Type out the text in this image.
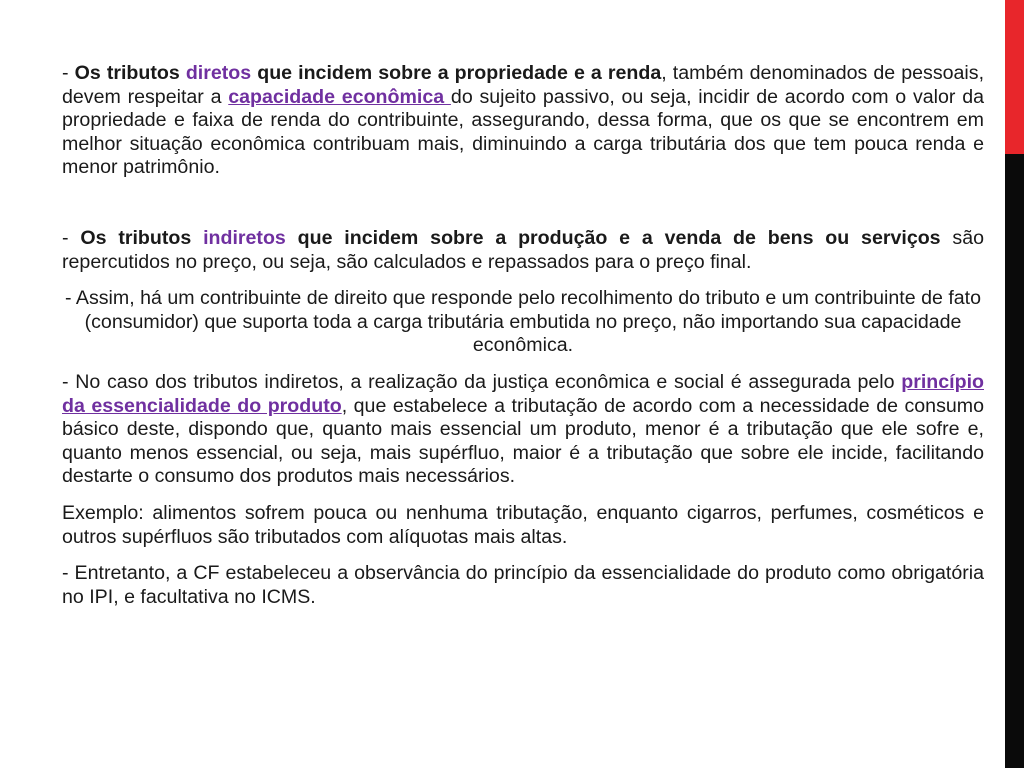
- Os tributos diretos que incidem sobre a propriedade e a renda, também denominados de pessoais, devem respeitar a capacidade econômica do sujeito passivo, ou seja, incidir de acordo com o valor da propriedade e faixa de renda do contribuinte, assegurando, dessa forma, que os que se encontrem em melhor situação econômica contribuam mais, diminuindo a carga tributária dos que tem pouca renda e menor patrimônio.

- Os tributos indiretos que incidem sobre a produção e a venda de bens ou serviços são repercutidos no preço, ou seja, são calculados e repassados para o preço final.

- Assim, há um contribuinte de direito que responde pelo recolhimento do tributo e um contribuinte de fato (consumidor) que suporta toda a carga tributária embutida no preço, não importando sua capacidade econômica.

- No caso dos tributos indiretos, a realização da justiça econômica e social é assegurada pelo princípio da essencialidade do produto, que estabelece a tributação de acordo com a necessidade de consumo básico deste, dispondo que, quanto mais essencial um produto, menor é a tributação que ele sofre e, quanto menos essencial, ou seja, mais supérfluo, maior é a tributação que sobre ele incide, facilitando destarte o consumo dos produtos mais necessários.

Exemplo: alimentos sofrem pouca ou nenhuma tributação, enquanto cigarros, perfumes, cosméticos e outros supérfluos são tributados com alíquotas mais altas.

- Entretanto, a CF estabeleceu a observância do princípio da essencialidade do produto como obrigatória no IPI, e facultativa no ICMS.
